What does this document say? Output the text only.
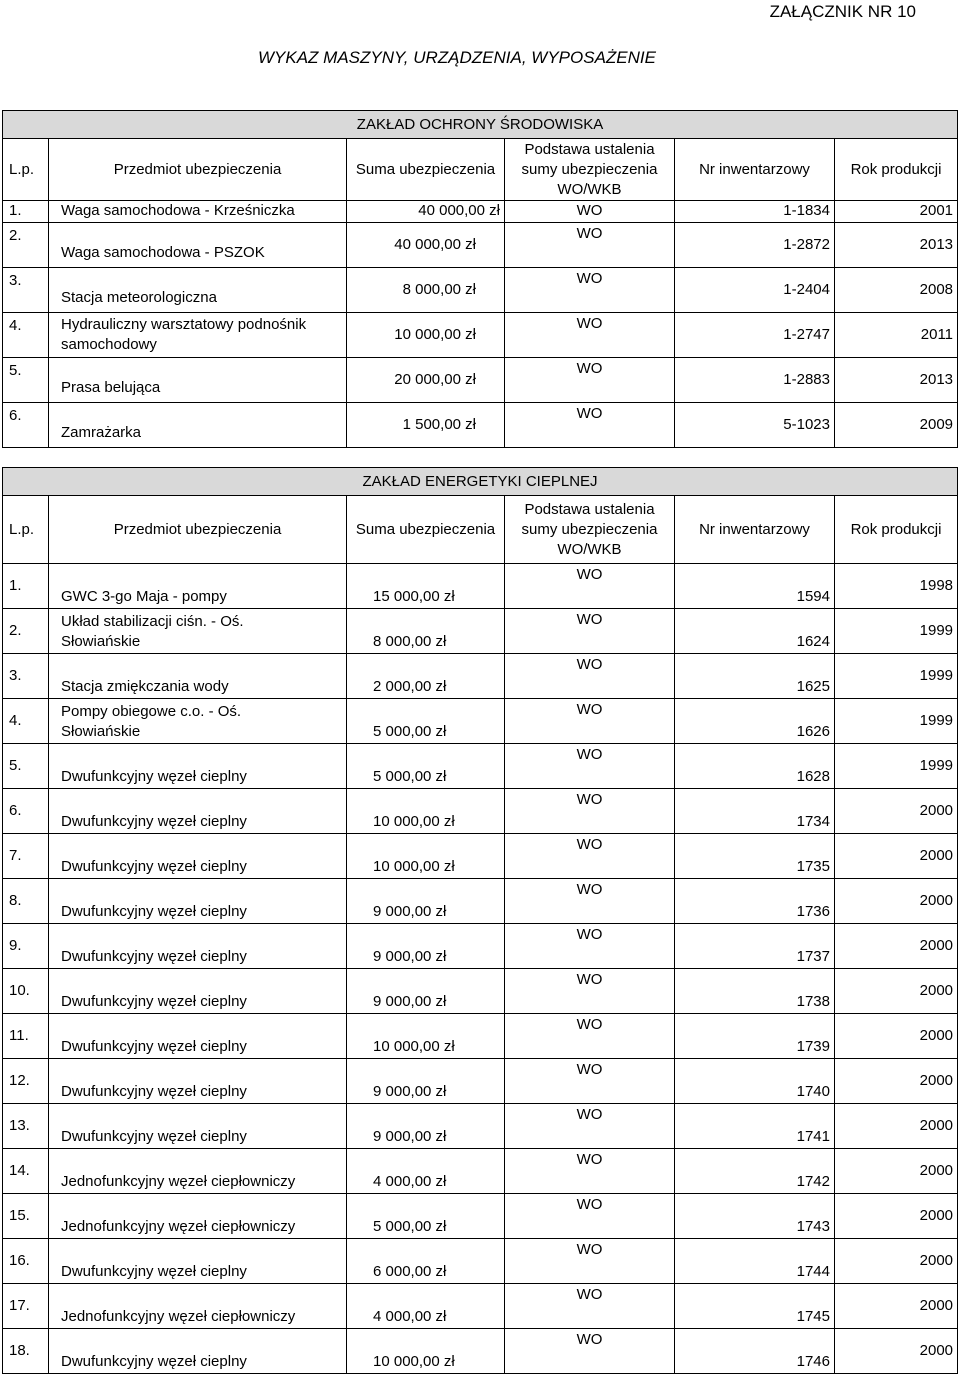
ZAŁĄCZNIK NR 10
WYKAZ MASZYNY, URZĄDZENIA, WYPOSAŻENIE
ZAKŁAD OCHRONY ŚRODOWISKA					
L.p.	Przedmiot ubezpieczenia	Suma ubezpieczenia	Podstawa ustalenia
sumy ubezpieczenia
WO/WKB	Nr inwentarzowy	Rok produkcji

1.	Waga samochodowa - Krześniczka	40 000,00 zł	WO	1-1834	2001

2.	Waga samochodowa - PSZOK	40 000,00 zł	WO	1-2872	2013

3.	Stacja meteorologiczna	8 000,00 zł	WO	1-2404	2008

4.	Hydrauliczny warsztatowy podnośnik
samochodowy	10 000,00 zł	WO	1-2747	2011

5.	Prasa belująca	20 000,00 zł	WO	1-2883	2013

6.	Zamrażarka	1 500,00 zł	WO	5-1023	2009
ZAKŁAD ENERGETYKI CIEPLNEJ					
L.p.	Przedmiot ubezpieczenia	Suma ubezpieczenia	Podstawa ustalenia
sumy ubezpieczenia
WO/WKB	Nr inwentarzowy	Rok produkcji

1.	GWC 3-go Maja - pompy	15 000,00 zł	WO	1594	1998

2.	Układ stabilizacji ciśn. - Oś.
Słowiańskie	8 000,00 zł	WO	1624	1999

3.	Stacja zmiękczania wody	2 000,00 zł	WO	1625	1999

4.	Pompy obiegowe c.o. - Oś.
Słowiańskie	5 000,00 zł	WO	1626	1999

5.	Dwufunkcyjny węzeł cieplny	5 000,00 zł	WO	1628	1999

6.	Dwufunkcyjny węzeł cieplny	10 000,00 zł	WO	1734	2000

7.	Dwufunkcyjny węzeł cieplny	10 000,00 zł	WO	1735	2000

8.	Dwufunkcyjny węzeł cieplny	9 000,00 zł	WO	1736	2000

9.	Dwufunkcyjny węzeł cieplny	9 000,00 zł	WO	1737	2000

10.	Dwufunkcyjny węzeł cieplny	9 000,00 zł	WO	1738	2000

11.	Dwufunkcyjny węzeł cieplny	10 000,00 zł	WO	1739	2000

12.	Dwufunkcyjny węzeł cieplny	9 000,00 zł	WO	1740	2000

13.	Dwufunkcyjny węzeł cieplny	9 000,00 zł	WO	1741	2000

14.	Jednofunkcyjny węzeł ciepłowniczy	4 000,00 zł	WO	1742	2000

15.	Jednofunkcyjny węzeł ciepłowniczy	5 000,00 zł	WO	1743	2000

16.	Dwufunkcyjny węzeł cieplny	6 000,00 zł	WO	1744	2000

17.	Jednofunkcyjny węzeł ciepłowniczy	4 000,00 zł	WO	1745	2000

18.	Dwufunkcyjny węzeł cieplny	10 000,00 zł	WO	1746	2000
